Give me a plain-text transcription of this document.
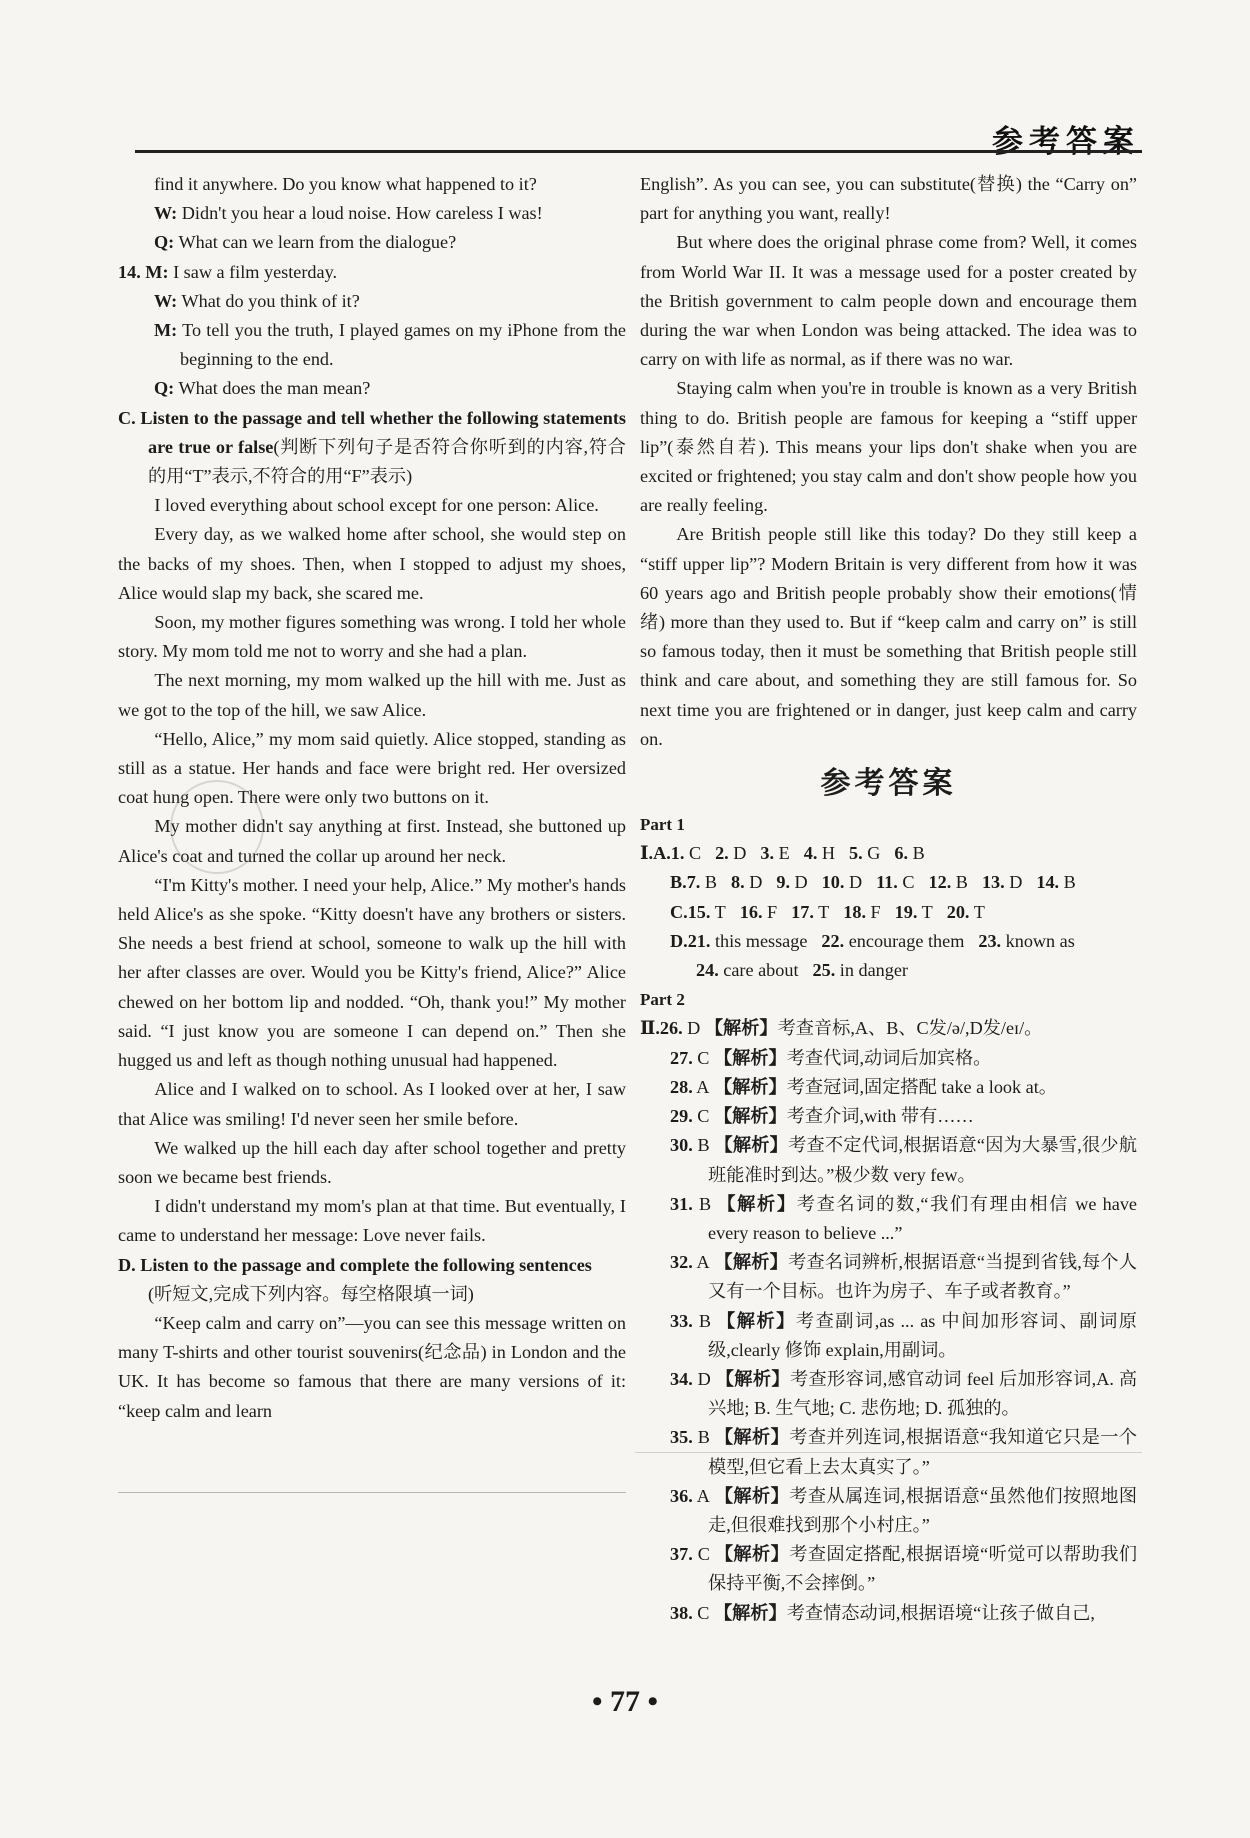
参考答案

find it anywhere. Do you know what happened to it?

W: Didn't you hear a loud noise. How careless I was!

Q: What can we learn from the dialogue?

14. M: I saw a film yesterday.

W: What do you think of it?

M: To tell you the truth, I played games on my iPhone from the beginning to the end.

Q: What does the man mean?

C. Listen to the passage and tell whether the following statements are true or false(判断下列句子是否符合你听到的内容,符合的用“T”表示,不符合的用“F”表示)

I loved everything about school except for one person: Alice.

Every day, as we walked home after school, she would step on the backs of my shoes. Then, when I stopped to adjust my shoes, Alice would slap my back, she scared me.

Soon, my mother figures something was wrong. I told her whole story. My mom told me not to worry and she had a plan.

The next morning, my mom walked up the hill with me. Just as we got to the top of the hill, we saw Alice.

“Hello, Alice,” my mom said quietly. Alice stopped, standing as still as a statue. Her hands and face were bright red. Her oversized coat hung open. There were only two buttons on it.

My mother didn't say anything at first. Instead, she buttoned up Alice's coat and turned the collar up around her neck.

“I'm Kitty's mother. I need your help, Alice.” My mother's hands held Alice's as she spoke. “Kitty doesn't have any brothers or sisters. She needs a best friend at school, someone to walk up the hill with her after classes are over. Would you be Kitty's friend, Alice?” Alice chewed on her bottom lip and nodded. “Oh, thank you!” My mother said. “I just know you are someone I can depend on.” Then she hugged us and left as though nothing unusual had happened.

Alice and I walked on to school. As I looked over at her, I saw that Alice was smiling! I'd never seen her smile before.

We walked up the hill each day after school together and pretty soon we became best friends.

I didn't understand my mom's plan at that time. But eventually, I came to understand her message: Love never fails.

D. Listen to the passage and complete the following sentences
(听短文,完成下列内容。每空格限填一词)

“Keep calm and carry on”—you can see this message written on many T-shirts and other tourist souvenirs(纪念品) in London and the UK. It has become so famous that there are many versions of it: “keep calm and learn

English”. As you can see, you can substitute(替换) the “Carry on” part for anything you want, really!

But where does the original phrase come from? Well, it comes from World War II. It was a message used for a poster created by the British government to calm people down and encourage them during the war when London was being attacked. The idea was to carry on with life as normal, as if there was no war.

Staying calm when you're in trouble is known as a very British thing to do. British people are famous for keeping a “stiff upper lip”(泰然自若). This means your lips don't shake when you are excited or frightened; you stay calm and don't show people how you are really feeling.

Are British people still like this today? Do they still keep a “stiff upper lip”? Modern Britain is very different from how it was 60 years ago and British people probably show their emotions(情绪) more than they used to. But if “keep calm and carry on” is still so famous today, then it must be something that British people still think and care about, and something they are still famous for. So next time you are frightened or in danger, just keep calm and carry on.

参考答案

Part 1

Ⅰ.A.1. C 2. D 3. E 4. H 5. G 6. B

B.7. B 8. D 9. D 10. D 11. C 12. B 13. D 14. B

C.15. T 16. F 17. T 18. F 19. T 20. T

D.21. this message 22. encourage them 23. known as

24. care about 25. in danger

Part 2

Ⅱ.26. D 【解析】考查音标,A、B、C发/ə/,D发/eɪ/。

27. C 【解析】考查代词,动词后加宾格。

28. A 【解析】考查冠词,固定搭配 take a look at。

29. C 【解析】考查介词,with 带有……

30. B 【解析】考查不定代词,根据语意“因为大暴雪,很少航班能准时到达。”极少数 very few。

31. B 【解析】考查名词的数,“我们有理由相信 we have every reason to believe ...”

32. A 【解析】考查名词辨析,根据语意“当提到省钱,每个人又有一个目标。也许为房子、车子或者教育。”

33. B 【解析】考查副词,as ... as 中间加形容词、副词原级,clearly 修饰 explain,用副词。

34. D 【解析】考查形容词,感官动词 feel 后加形容词,A. 高兴地; B. 生气地; C. 悲伤地; D. 孤独的。

35. B 【解析】考查并列连词,根据语意“我知道它只是一个模型,但它看上去太真实了。”

36. A 【解析】考查从属连词,根据语意“虽然他们按照地图走,但很难找到那个小村庄。”

37. C 【解析】考查固定搭配,根据语境“听觉可以帮助我们保持平衡,不会摔倒。”

38. C 【解析】考查情态动词,根据语境“让孩子做自己,

• 77 •
